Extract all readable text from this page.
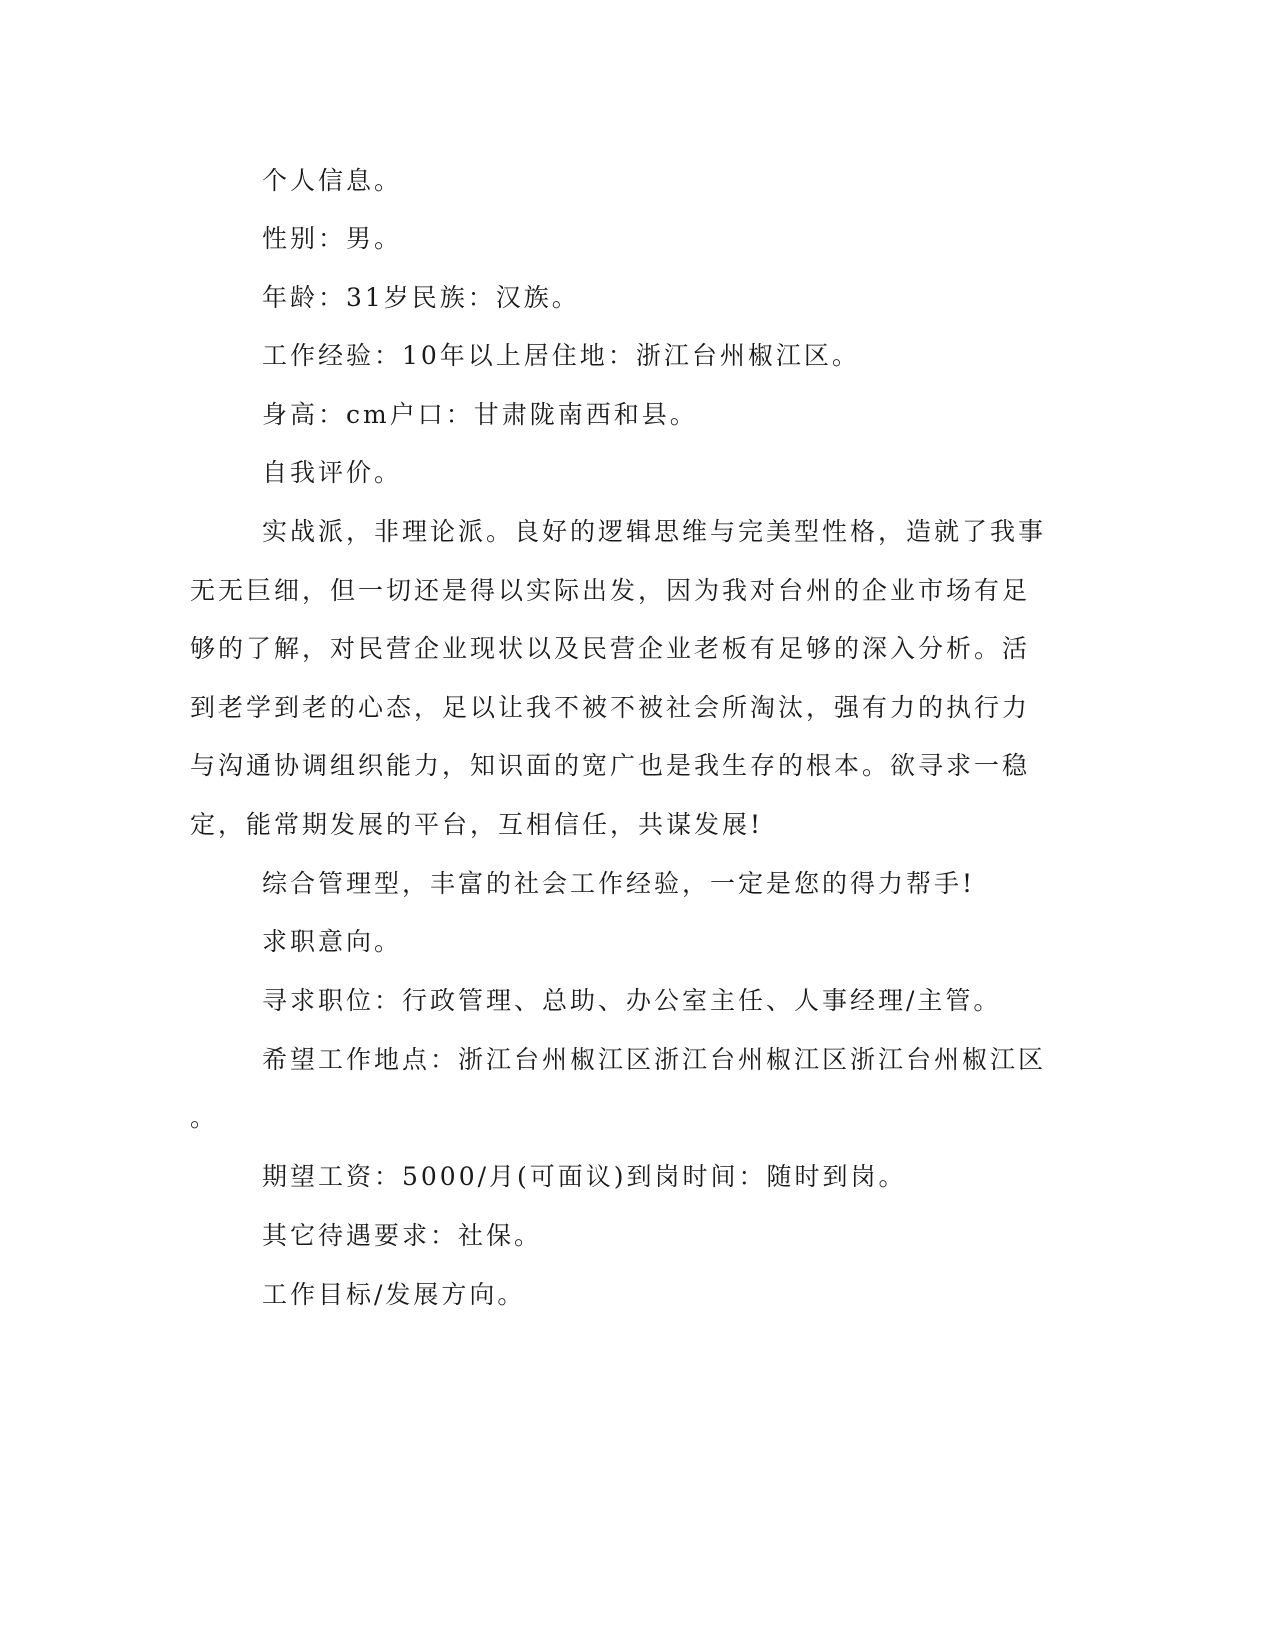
个人信息。
性别：男。
年龄：31岁民族：汉族。
工作经验：10年以上居住地：浙江台州椒江区。
身高：cm户口：甘肃陇南西和县。
自我评价。
实战派，非理论派。良好的逻辑思维与完美型性格，造就了我事
无无巨细，但一切还是得以实际出发，因为我对台州的企业市场有足
够的了解，对民营企业现状以及民营企业老板有足够的深入分析。活
到老学到老的心态，足以让我不被不被社会所淘汰，强有力的执行力
与沟通协调组织能力，知识面的宽广也是我生存的根本。欲寻求一稳
定，能常期发展的平台，互相信任，共谋发展!
综合管理型，丰富的社会工作经验，一定是您的得力帮手!
求职意向。
寻求职位：行政管理、总助、办公室主任、人事经理/主管。
希望工作地点：浙江台州椒江区浙江台州椒江区浙江台州椒江区
。
期望工资：5000/月(可面议)到岗时间：随时到岗。
其它待遇要求：社保。
工作目标/发展方向。
